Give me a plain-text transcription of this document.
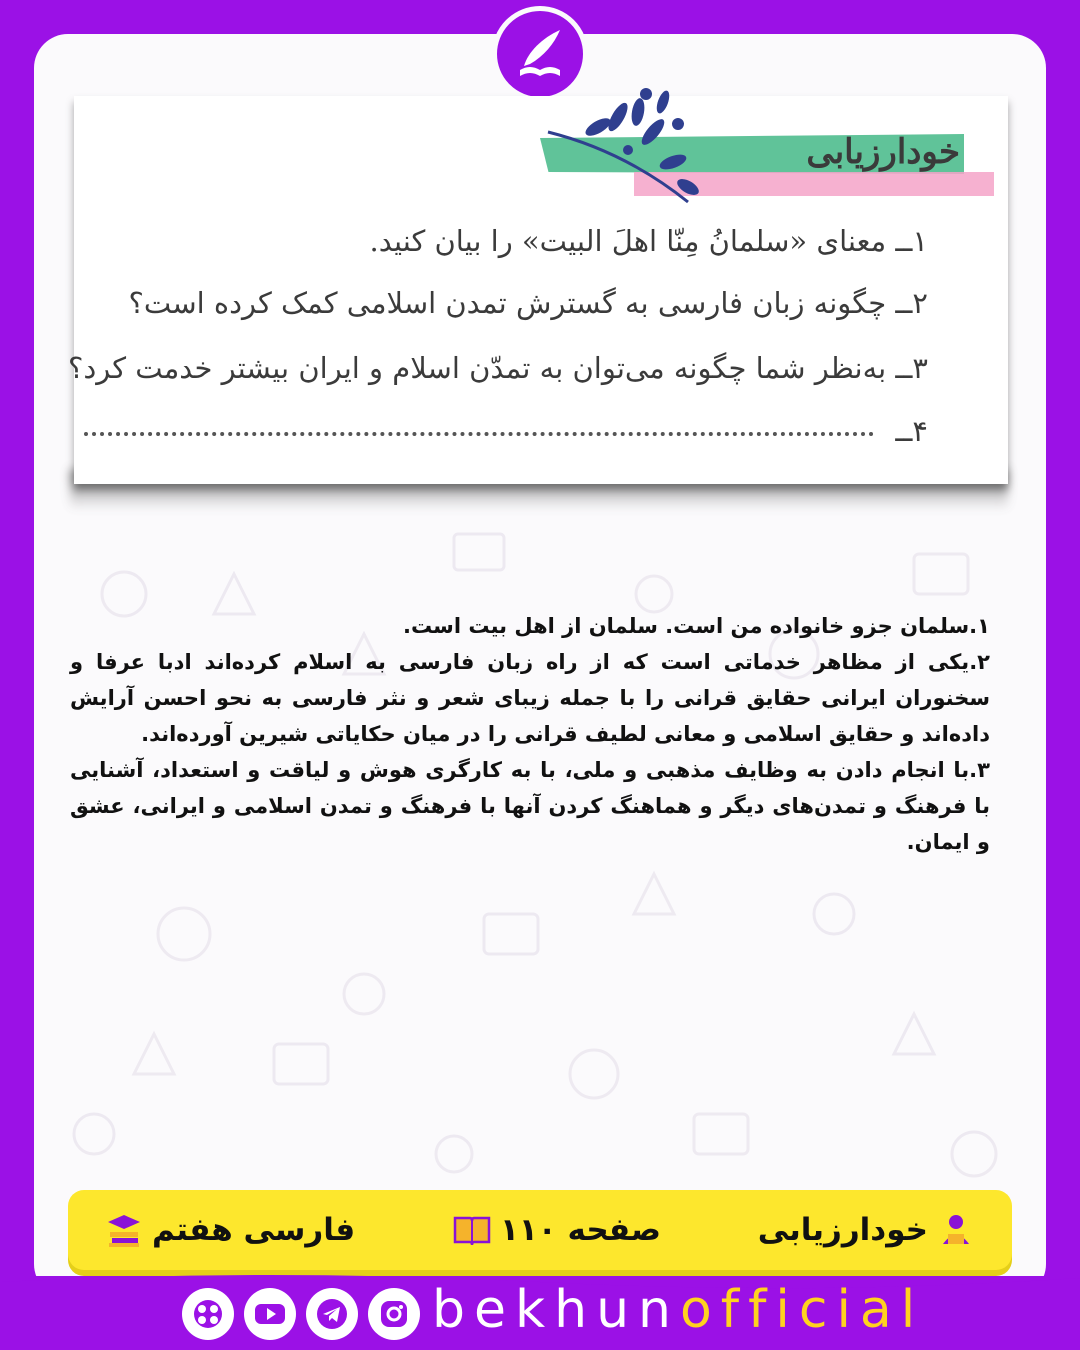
خودارزیابی
۱ــ معنای «سلمانُ مِنّا اهلَ البیت» را بیان کنید.
۲ــ چگونه زبان فارسی به گسترش تمدن اسلامی کمک کرده است؟
۳ــ به‌نظر شما چگونه می‌توان به تمدّن اسلام و ایران بیشتر خدمت کرد؟
۴ــ

۱.سلمان جزو خانواده من است. سلمان از اهل بیت است.

۲.یکی از مظاهر خدماتی است که از راه زبان فارسی به اسلام کرده‌اند ادبا عرفا و سخنوران ایرانی حقایق قرانی را با جمله زیبای شعر و نثر فارسی به نحو احسن آرایش داده‌اند و حقایق اسلامی و معانی لطیف قرانی را در میان حکایاتی شیرین آورده‌اند.

۳.با انجام دادن به وظایف مذهبی و ملی، با به کارگری هوش و لیاقت و استعداد، آشنایی با فرهنگ و تمدن‌های دیگر و هماهنگ کردن آنها با فرهنگ و تمدن اسلامی و ایرانی، عشق و ایمان.

خودارزیابی
صفحه ۱۱۰
فارسی هفتم
bekhunofficial
